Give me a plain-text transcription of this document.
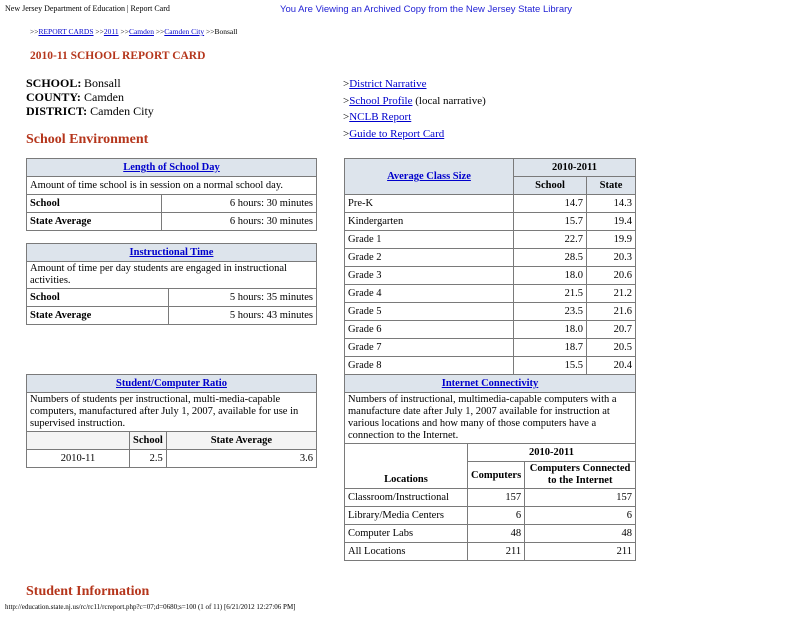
New Jersey Department of Education | Report Card	You Are Viewing an Archived Copy from the New Jersey State Library
>>REPORT CARDS >>2011 >>Camden >>Camden City >>Bonsall
2010-11 SCHOOL REPORT CARD
SCHOOL: Bonsall
COUNTY: Camden
DISTRICT: Camden City
>District Narrative
>School Profile (local narrative)
>NCLB Report
>Guide to Report Card
School Environment
Length of School Day	
Amount of time school is in session on a normal school day.	
School	6 hours: 30 minutes
State Average	6 hours: 30 minutes
Instructional Time	
Amount of time per day students are engaged in instructional activities.	
School	5 hours: 35 minutes
State Average	5 hours: 43 minutes
Average Class Size	2010-2011	
	School	State
Pre-K	14.7	14.3
Kindergarten	15.7	19.4
Grade 1	22.7	19.9
Grade 2	28.5	20.3
Grade 3	18.0	20.6
Grade 4	21.5	21.2
Grade 5	23.5	21.6
Grade 6	18.0	20.7
Grade 7	18.7	20.5
Grade 8	15.5	20.4

Student/Computer Ratio		
Numbers of students per instructional, multi-media-capable computers, manufactured after July 1, 2007, available for use in supervised instruction.		
	School	State Average
2010-11	2.5	3.6
Internet Connectivity		
Numbers of instructional, multimedia-capable computers with a manufacture date after July 1, 2007 available for instruction at various locations and how many of those computers have a connection to the Internet.		
Locations	2010-2011	
	Computers	Computers Connected to the Internet
Classroom/Instructional	157	157
Library/Media Centers	6	6
Computer Labs	48	48
All Locations	211	211
Student Information
http://education.state.nj.us/rc/rc11/rcreport.php?c=07;d=0680;s=100 (1 of 11) [6/21/2012 12:27:06 PM]
